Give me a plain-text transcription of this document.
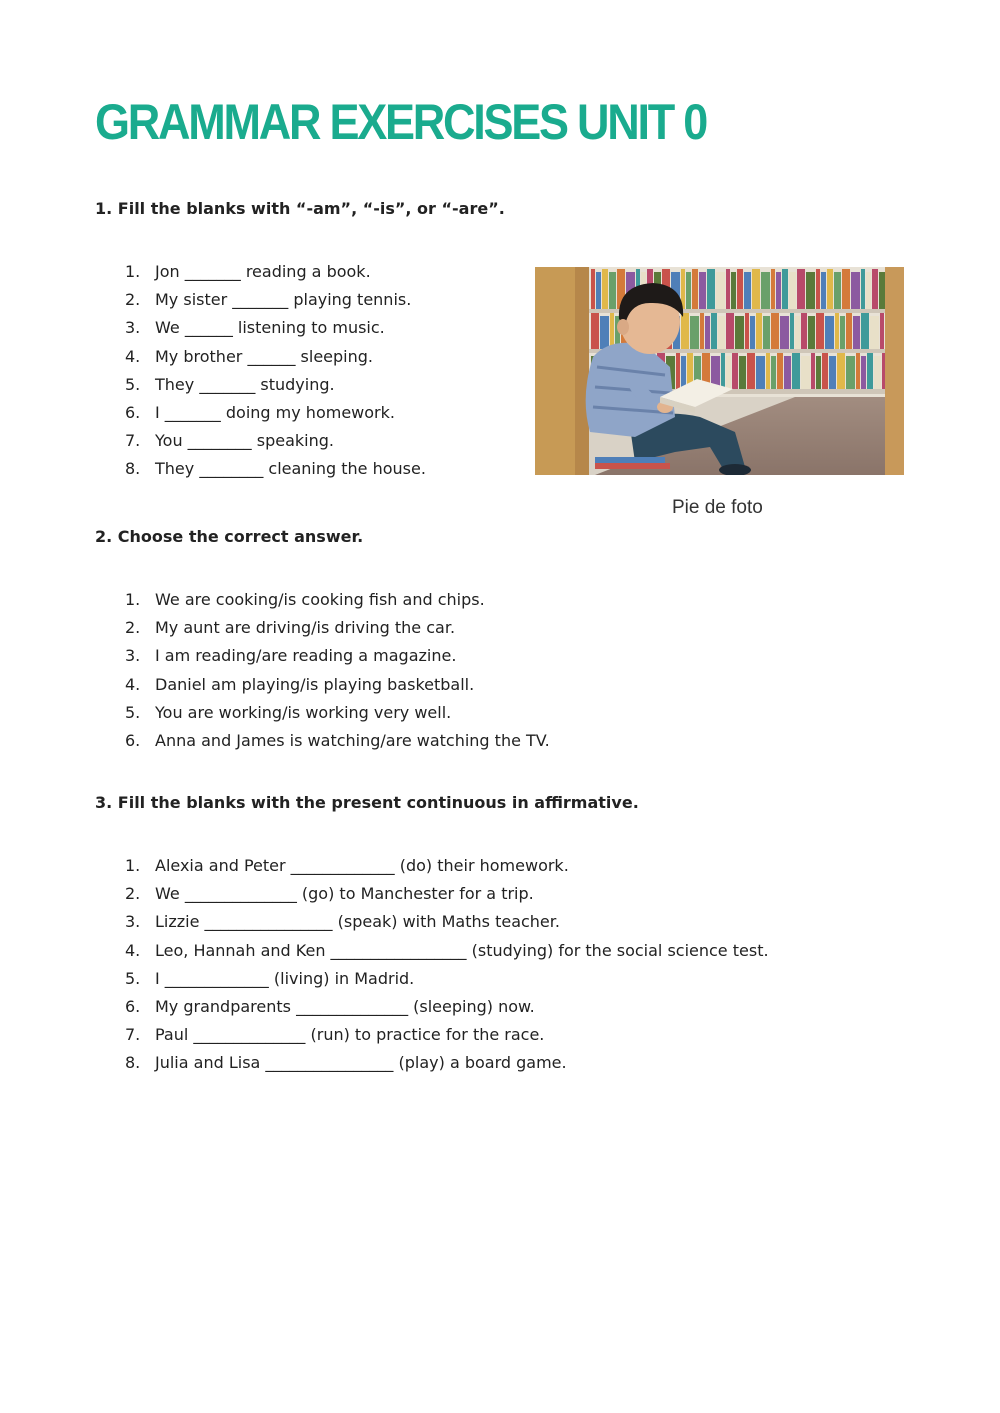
GRAMMAR EXERCISES UNIT 0
1. Fill the blanks with “-am”, “-is”, or “-are”.
1. Jon _______ reading a book.
2. My sister _______ playing tennis.
3. We ______ listening to music.
4. My brother ______ sleeping.
5. They _______ studying.
6. I _______ doing my homework.
7. You ________ speaking.
8. They ________ cleaning the house.
Pie de foto
2. Choose the correct answer.
1. We are cooking/is cooking fish and chips.
2. My aunt are driving/is driving the car.
3. I am reading/are reading a magazine.
4. Daniel am playing/is playing basketball.
5. You are working/is working very well.
6. Anna and James is watching/are watching the TV.
3. Fill the blanks with the present continuous in affirmative.
1. Alexia and Peter _____________ (do) their homework.
2. We ______________ (go) to Manchester for a trip.
3. Lizzie ________________ (speak) with Maths teacher.
4. Leo, Hannah and Ken _________________ (studying) for the social science test.
5. I _____________ (living) in Madrid.
6. My grandparents ______________ (sleeping) now.
7. Paul ______________ (run) to practice for the race.
8. Julia and Lisa ________________ (play) a board game.
